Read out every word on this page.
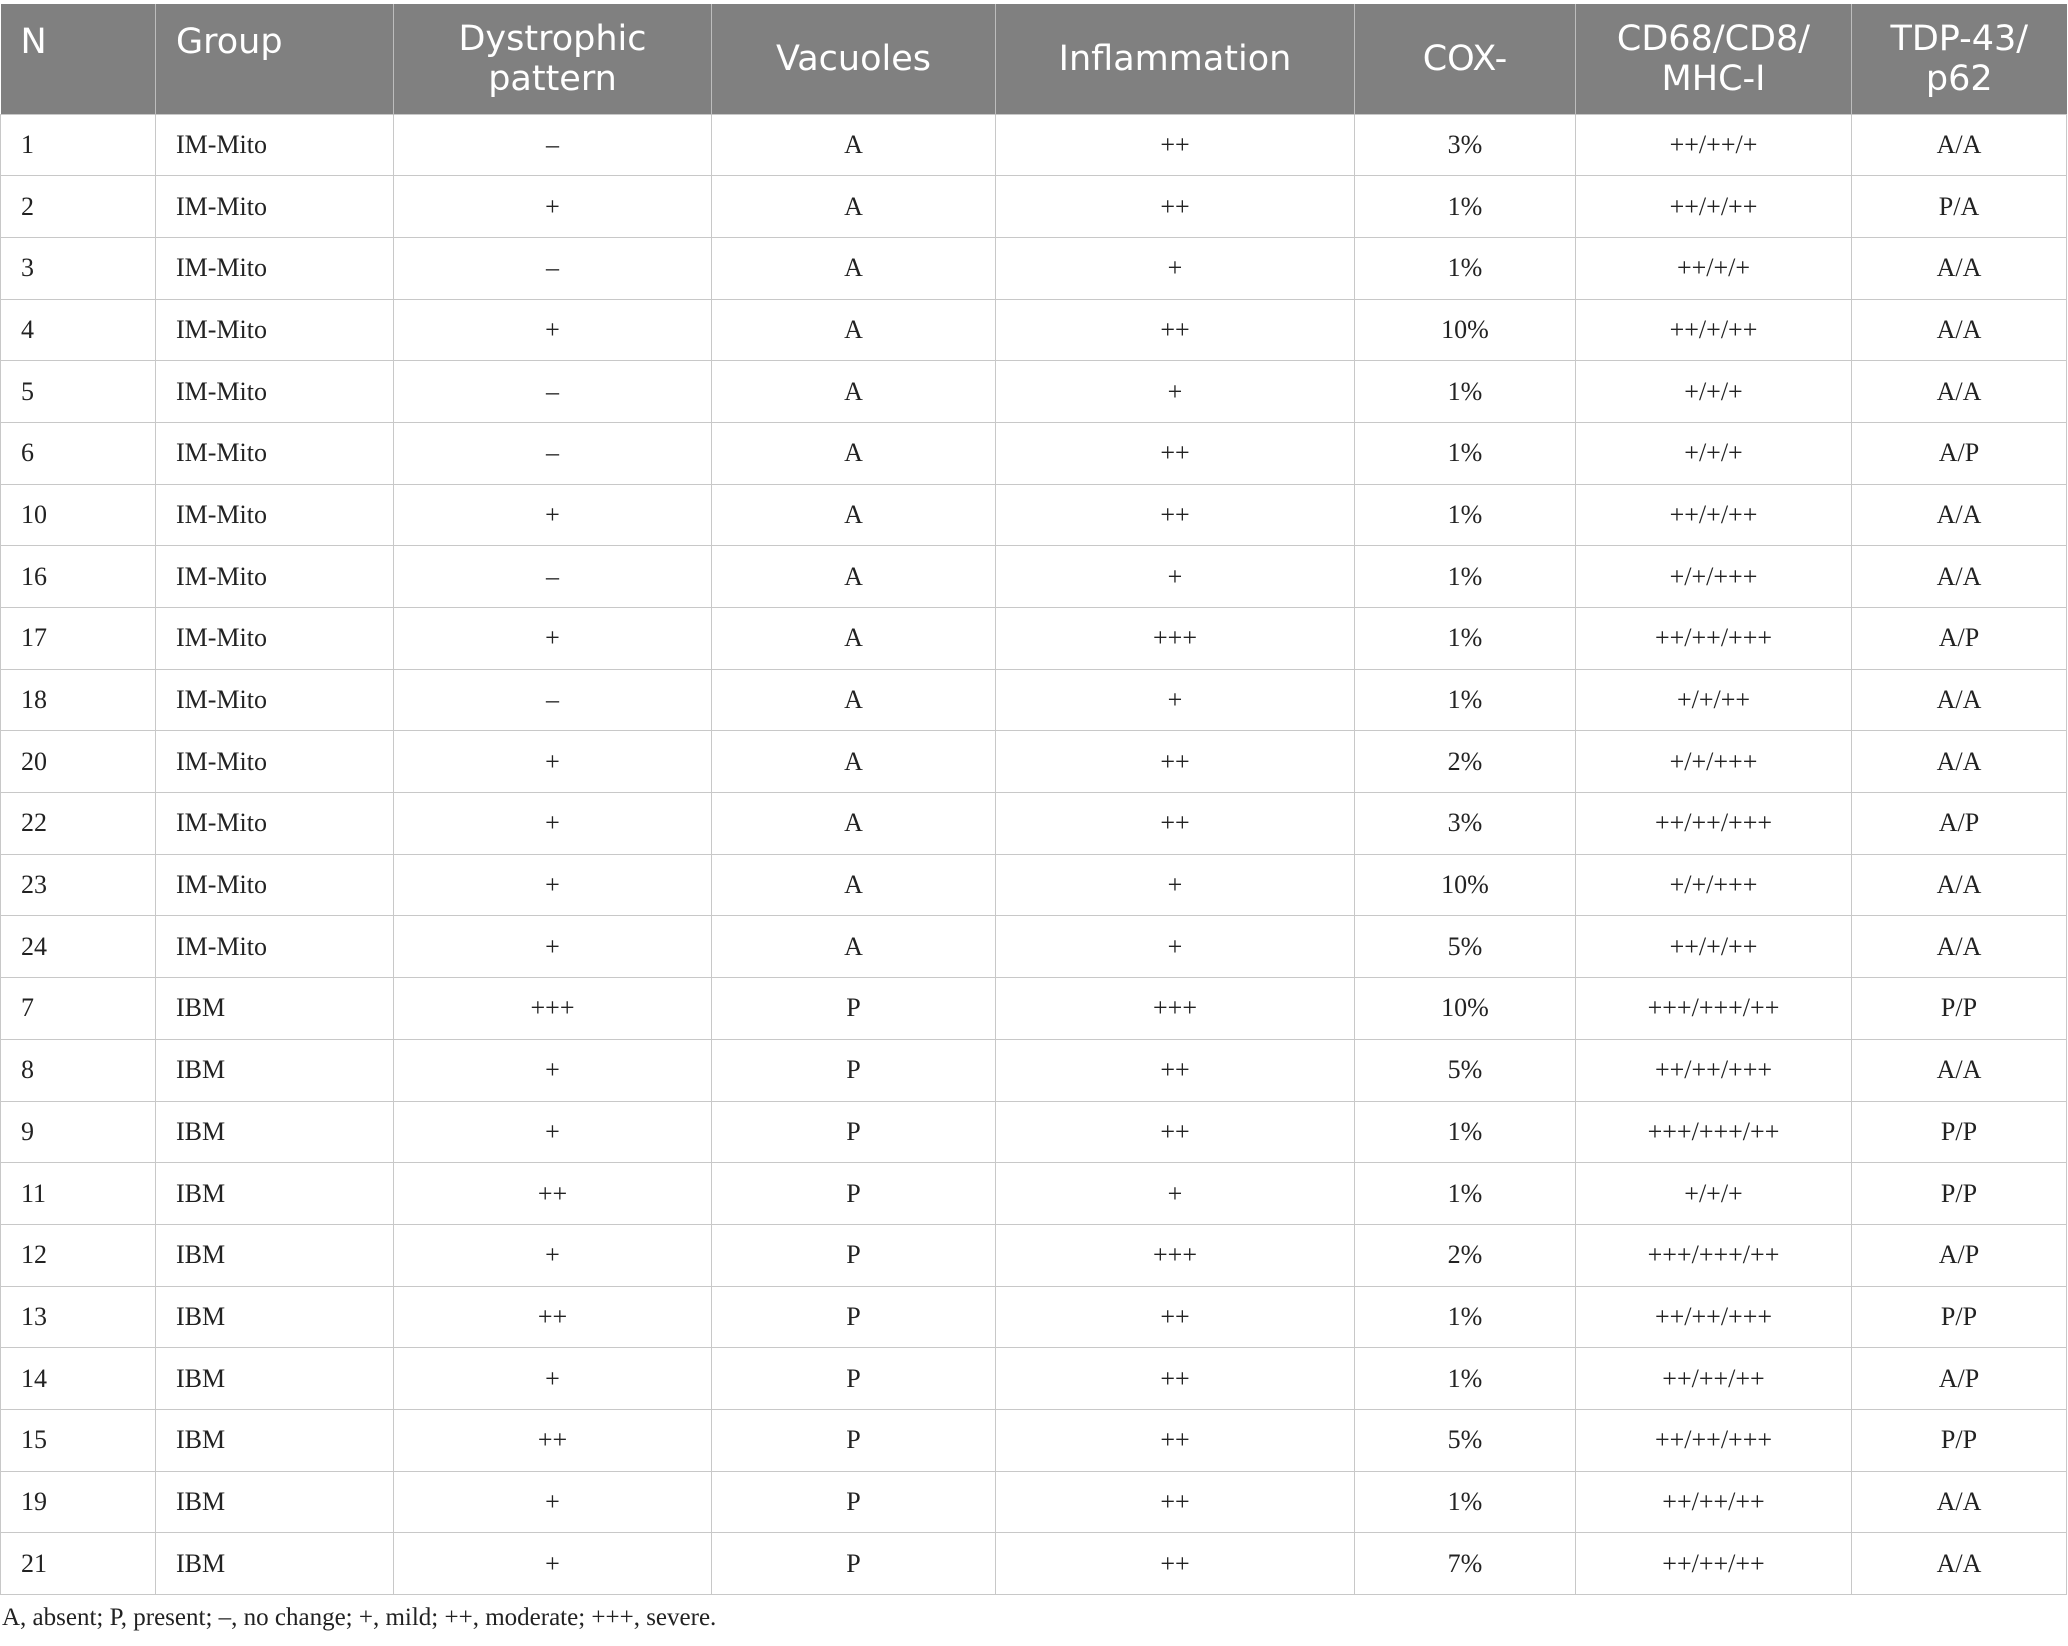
N	Group	Dystrophic pattern	Vacuoles	Inflammation	COX-	CD68/CD8/ MHC-I	TDP-43/ p62
1	IM-Mito	–	A	++	3%	++/++/+	A/A
2	IM-Mito	+	A	++	1%	++/+/++	P/A
3	IM-Mito	–	A	+	1%	++/+/+	A/A
4	IM-Mito	+	A	++	10%	++/+/++	A/A
5	IM-Mito	–	A	+	1%	+/+/+	A/A
6	IM-Mito	–	A	++	1%	+/+/+	A/P
10	IM-Mito	+	A	++	1%	++/+/++	A/A
16	IM-Mito	–	A	+	1%	+/+/+++	A/A
17	IM-Mito	+	A	+++	1%	++/++/+++	A/P
18	IM-Mito	–	A	+	1%	+/+/++	A/A
20	IM-Mito	+	A	++	2%	+/+/+++	A/A
22	IM-Mito	+	A	++	3%	++/++/+++	A/P
23	IM-Mito	+	A	+	10%	+/+/+++	A/A
24	IM-Mito	+	A	+	5%	++/+/++	A/A
7	IBM	+++	P	+++	10%	+++/+++/++	P/P
8	IBM	+	P	++	5%	++/++/+++	A/A
9	IBM	+	P	++	1%	+++/+++/++	P/P
11	IBM	++	P	+	1%	+/+/+	P/P
12	IBM	+	P	+++	2%	+++/+++/++	A/P
13	IBM	++	P	++	1%	++/++/+++	P/P
14	IBM	+	P	++	1%	++/++/++	A/P
15	IBM	++	P	++	5%	++/++/+++	P/P
19	IBM	+	P	++	1%	++/++/++	A/A
21	IBM	+	P	++	7%	++/++/++	A/A
A, absent; P, present; –, no change; +, mild; ++, moderate; +++, severe.
